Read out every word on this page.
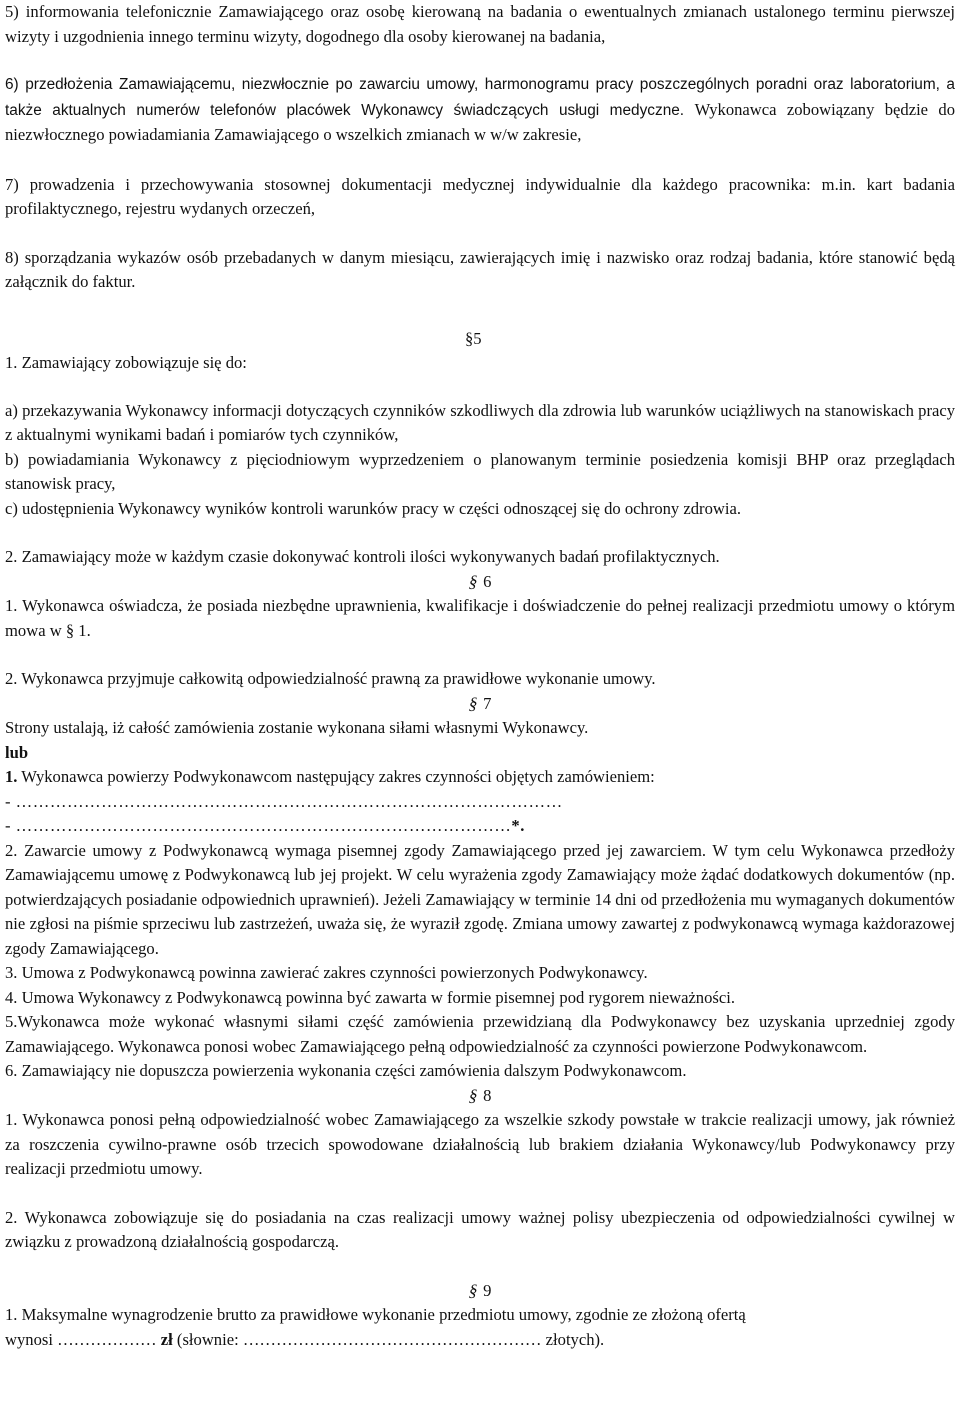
5) informowania telefonicznie Zamawiającego oraz osobę kierowaną na badania o ewentualnych zmianach ustalonego terminu pierwszej wizyty i uzgodnienia innego terminu wizyty, dogodnego dla osoby kierowanej na badania,

6) przedłożenia Zamawiającemu, niezwłocznie po zawarciu umowy, harmonogramu pracy poszczególnych poradni oraz laboratorium, a także aktualnych numerów telefonów placówek Wykonawcy świadczących usługi medyczne. Wykonawca zobowiązany będzie do niezwłocznego powiadamiania Zamawiającego o wszelkich zmianach w w/w zakresie,

7) prowadzenia i przechowywania stosownej dokumentacji medycznej indywidualnie dla każdego pracownika: m.in. kart badania profilaktycznego, rejestru wydanych orzeczeń,

8) sporządzania wykazów osób przebadanych w danym miesiącu, zawierających imię i nazwisko oraz rodzaj badania, które stanowić będą załącznik do faktur.

§5
1. Zamawiający zobowiązuje się do:

a) przekazywania Wykonawcy informacji dotyczących czynników szkodliwych dla zdrowia lub warunków uciążliwych na stanowiskach pracy z aktualnymi wynikami badań i pomiarów tych czynników,

b) powiadamiania Wykonawcy z pięciodniowym wyprzedzeniem o planowanym terminie posiedzenia komisji BHP oraz przeglądach stanowisk pracy,

c) udostępnienia Wykonawcy wyników kontroli warunków pracy w części odnoszącej się do ochrony zdrowia.

2. Zamawiający może w każdym czasie dokonywać kontroli ilości wykonywanych badań profilaktycznych.

§ 6

1. Wykonawca oświadcza, że posiada niezbędne uprawnienia, kwalifikacje i doświadczenie do pełnej realizacji przedmiotu umowy o którym mowa w § 1.

2. Wykonawca przyjmuje całkowitą odpowiedzialność prawną za prawidłowe wykonanie umowy.

§ 7

Strony ustalają, iż całość zamówienia zostanie wykonana siłami własnymi Wykonawcy.

lub

1. Wykonawca powierzy Podwykonawcom następujący zakres czynności objętych zamówieniem:

- ……………………………………………………………………………………

- ……………………………………………………………………………*.

2. Zawarcie umowy z Podwykonawcą wymaga pisemnej zgody Zamawiającego przed jej zawarciem. W tym celu Wykonawca przedłoży Zamawiającemu umowę z Podwykonawcą lub jej projekt. W celu wyrażenia zgody Zamawiający może żądać dodatkowych dokumentów (np. potwierdzających posiadanie odpowiednich uprawnień). Jeżeli Zamawiający w terminie 14 dni od przedłożenia mu wymaganych dokumentów nie zgłosi na piśmie sprzeciwu lub zastrzeżeń, uważa się, że wyraził zgodę. Zmiana umowy zawartej z podwykonawcą wymaga każdorazowej zgody Zamawiającego.

3. Umowa z Podwykonawcą powinna zawierać zakres czynności powierzonych Podwykonawcy.

4. Umowa Wykonawcy z Podwykonawcą powinna być zawarta w formie pisemnej pod rygorem nieważności.

5.Wykonawca może wykonać własnymi siłami część zamówienia przewidzianą dla Podwykonawcy bez uzyskania uprzedniej zgody Zamawiającego. Wykonawca ponosi wobec Zamawiającego pełną odpowiedzialność za czynności powierzone Podwykonawcom.

6. Zamawiający nie dopuszcza powierzenia wykonania części zamówienia dalszym Podwykonawcom.

§ 8

1. Wykonawca ponosi pełną odpowiedzialność wobec Zamawiającego za wszelkie szkody powstałe w trakcie realizacji umowy, jak również za roszczenia cywilno-prawne osób trzecich spowodowane działalnością lub brakiem działania Wykonawcy/lub Podwykonawcy przy realizacji przedmiotu umowy.

2. Wykonawca zobowiązuje się do posiadania na czas realizacji umowy ważnej polisy ubezpieczenia od odpowiedzialności cywilnej w związku z prowadzoną działalnością gospodarczą.

§ 9

1. Maksymalne wynagrodzenie brutto za prawidłowe wykonanie przedmiotu umowy, zgodnie ze złożoną ofertą

wynosi ……………… zł (słownie: ……………………………………………… złotych).
